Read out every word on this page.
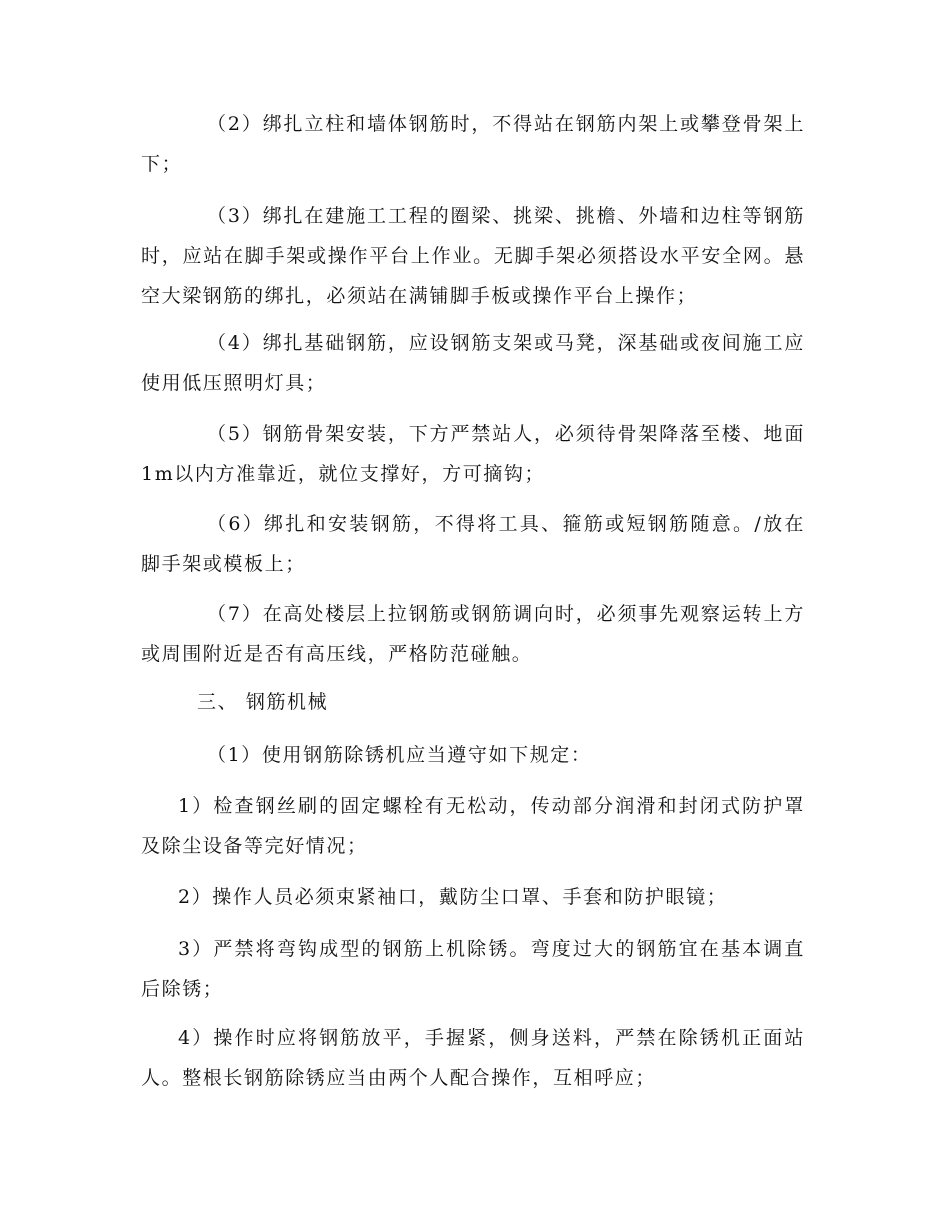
（2）绑扎立柱和墙体钢筋时，不得站在钢筋内架上或攀登骨架上下；

（3）绑扎在建施工工程的圈梁、挑梁、挑檐、外墙和边柱等钢筋时，应站在脚手架或操作平台上作业。无脚手架必须搭设水平安全网。悬空大梁钢筋的绑扎，必须站在满铺脚手板或操作平台上操作；

（4）绑扎基础钢筋，应设钢筋支架或马凳，深基础或夜间施工应使用低压照明灯具；

（5）钢筋骨架安装，下方严禁站人，必须待骨架降落至楼、地面1m以内方准靠近，就位支撑好，方可摘钩；

（6）绑扎和安装钢筋，不得将工具、箍筋或短钢筋随意。/放在脚手架或模板上；

（7）在高处楼层上拉钢筋或钢筋调向时，必须事先观察运转上方或周围附近是否有高压线，严格防范碰触。

三、 钢筋机械

（1）使用钢筋除锈机应当遵守如下规定：

1）检查钢丝刷的固定螺栓有无松动，传动部分润滑和封闭式防护罩及除尘设备等完好情况；

2）操作人员必须束紧袖口，戴防尘口罩、手套和防护眼镜；

3）严禁将弯钩成型的钢筋上机除锈。弯度过大的钢筋宜在基本调直后除锈；

4）操作时应将钢筋放平，手握紧，侧身送料，严禁在除锈机正面站人。整根长钢筋除锈应当由两个人配合操作，互相呼应；
